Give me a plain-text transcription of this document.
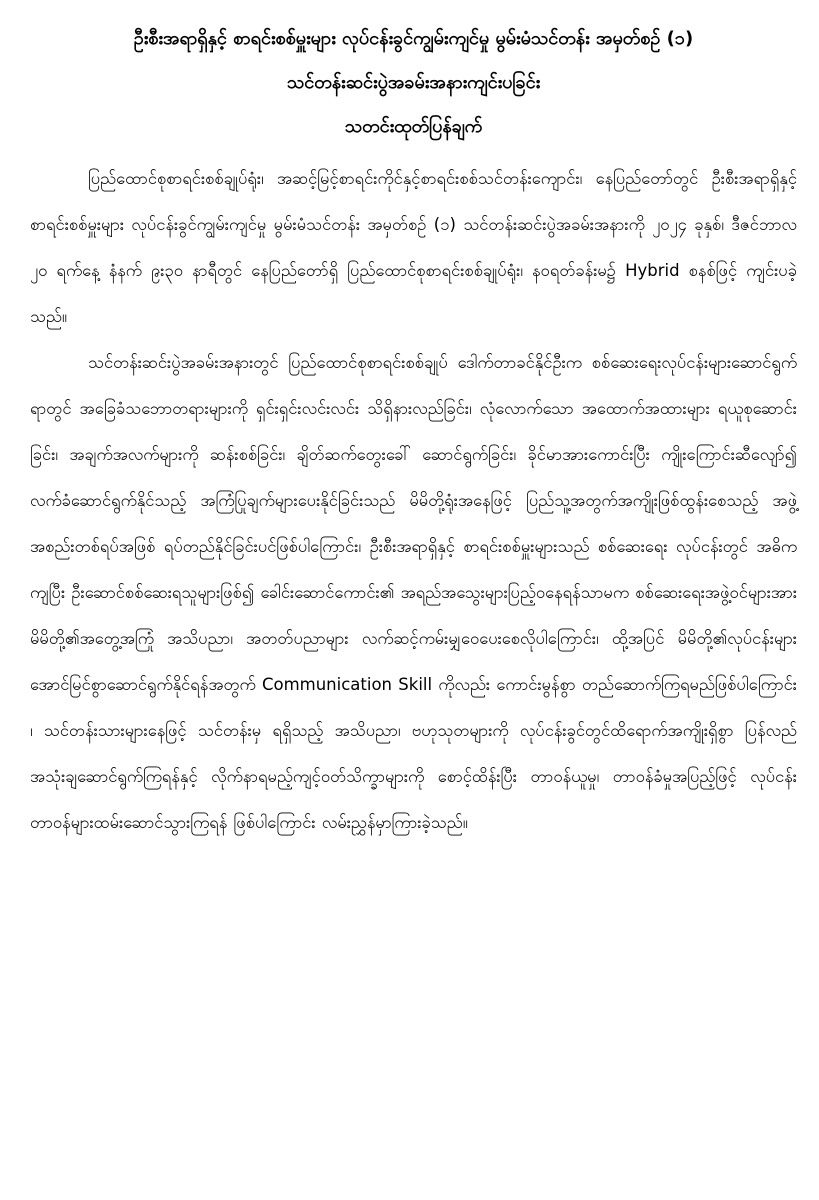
ဦးစီးအရာရှိနှင့် စာရင်းစစ်မှူးများ လုပ်ငန်းခွင်ကျွမ်းကျင်မှု မွမ်းမံသင်တန်း အမှတ်စဉ် (၁)
သင်တန်းဆင်းပွဲအခမ်းအနားကျင်းပခြင်း
သတင်းထုတ်ပြန်ချက်

ပြည်ထောင်စုစာရင်းစစ်ချုပ်ရုံး၊ အဆင့်မြင့်စာရင်းကိုင်နှင့်စာရင်းစစ်သင်တန်းကျောင်း၊ နေပြည်တော်တွင် ဦးစီးအရာရှိနှင့် စာရင်းစစ်မှူးများ လုပ်ငန်းခွင်ကျွမ်းကျင်မှု မွမ်းမံသင်တန်း အမှတ်စဉ် (၁) သင်တန်းဆင်းပွဲအခမ်းအနားကို ၂၀၂၄ ခုနှစ်၊ ဒီဇင်ဘာလ ၂၀ ရက်နေ့ နံနက် ၉း၃၀ နာရီတွင် နေပြည်တော်ရှိ ပြည်ထောင်စုစာရင်းစစ်ချုပ်ရုံး၊ န၀ရတ်ခန်းမ၌ Hybrid စနစ်ဖြင့် ကျင်းပခဲ့သည်။

သင်တန်းဆင်းပွဲအခမ်းအနားတွင် ပြည်ထောင်စုစာရင်းစစ်ချုပ် ဒေါက်တာခင်နိုင်ဦးက စစ်ဆေးရေးလုပ်ငန်းများဆောင်ရွက်ရာတွင် အခြေခံသဘောတရားများကို ရှင်းရှင်းလင်းလင်း သိရှိနားလည်ခြင်း၊ လုံလောက်သော အထောက်အထားများ ရယူစုဆောင်းခြင်း၊ အချက်အလက်များကို ဆန်းစစ်ခြင်း၊ ချိတ်ဆက်တွေးခေါ် ဆောင်ရွက်ခြင်း၊ ခိုင်မာအားကောင်းပြီး ကျိုးကြောင်းဆီလျော်၍ လက်ခံဆောင်ရွက်နိုင်သည့် အကြံပြုချက်များပေးနိုင်ခြင်းသည် မိမိတို့ရုံးအနေဖြင့် ပြည်သူ့အတွက်အကျိုးဖြစ်ထွန်းစေသည့် အဖွဲ့အစည်းတစ်ရပ်အဖြစ် ရပ်တည်နိုင်ခြင်းပင်ဖြစ်ပါကြောင်း၊ ဦးစီးအရာရှိနှင့် စာရင်းစစ်မှူးများသည် စစ်ဆေးရေး လုပ်ငန်းတွင် အဓိကကျပြီး ဦးဆောင်စစ်ဆေးရသူများဖြစ်၍ ခေါင်းဆောင်ကောင်း၏ အရည်အသွေးများပြည့်ဝနေရန်သာမက စစ်ဆေးရေးအဖွဲ့ဝင်များအား မိမိတို့၏အတွေ့အကြုံ အသိပညာ၊ အတတ်ပညာများ လက်ဆင့်ကမ်းမျှဝေပေးစေလိုပါကြောင်း၊ ထို့အပြင် မိမိတို့၏လုပ်ငန်းများ အောင်မြင်စွာဆောင်ရွက်နိုင်ရန်အတွက် Communication Skill ကိုလည်း ကောင်းမွန်စွာ တည်ဆောက်ကြရမည်ဖြစ်ပါကြောင်း ၊ သင်တန်းသားများနေဖြင့် သင်တန်းမှ ရရှိသည့် အသိပညာ၊ ဗဟုသုတများကို လုပ်ငန်းခွင်တွင်ထိရောက်အကျိုးရှိစွာ ပြန်လည် အသုံးချဆောင်ရွက်ကြရန်နှင့် လိုက်နာရမည့်ကျင့်၀တ်သိက္ခာများကို စောင့်ထိန်းပြီး တာဝန်ယူမှု၊ တာဝန်ခံမှုအပြည့်ဖြင့် လုပ်ငန်းတာဝန်များထမ်းဆောင်သွားကြရန် ဖြစ်ပါကြောင်း လမ်းညွှန်မှာကြားခဲ့သည်။
